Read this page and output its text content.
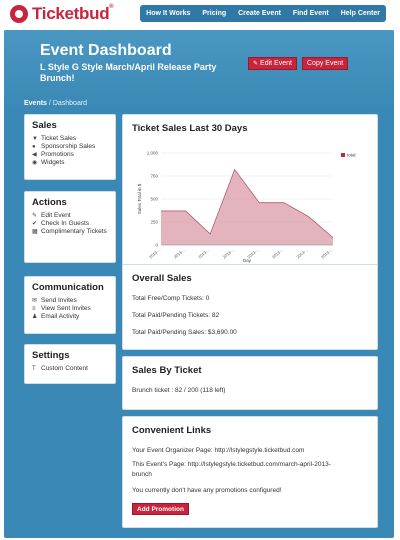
Ticketbud®
How It Works	Pricing	Create Event	Find Event	Help Center
Event Dashboard
L Style G Style March/April Release Party Brunch!
✎ Edit Event	Copy Event
Events / Dashboard
Sales
▼ Ticket Sales
● Sponsorship Sales
◀ Promotions
◉ Widgets
Actions
✎ Edit Event
✔ Check In Guests
▦ Complimentary Tickets
Communication
✉ Send Invites
≡ View Sent Invites
♟ Email Activity
Settings
T Custom Content
Ticket Sales Last 30 Days
1,000
750
500
250
0
2013-...	2013-...	2013-...	2013-...	2013-...	2013-...	2013-...	2013-...
Day
Sales Total in $
total
Overall Sales
Total Free/Comp Tickets: 0
Total Paid/Pending Tickets: 82
Total Paid/Pending Sales: $3,690.00
Sales By Ticket
Brunch ticket : 82 / 200 (118 left)
Convenient Links
Your Event Organizer Page: http://lstylegstyle.ticketbud.com
This Event's Page: http://lstylegstyle.ticketbud.com/march-april-2013-
brunch
You currently don't have any promotions configured!
Add Promotion
